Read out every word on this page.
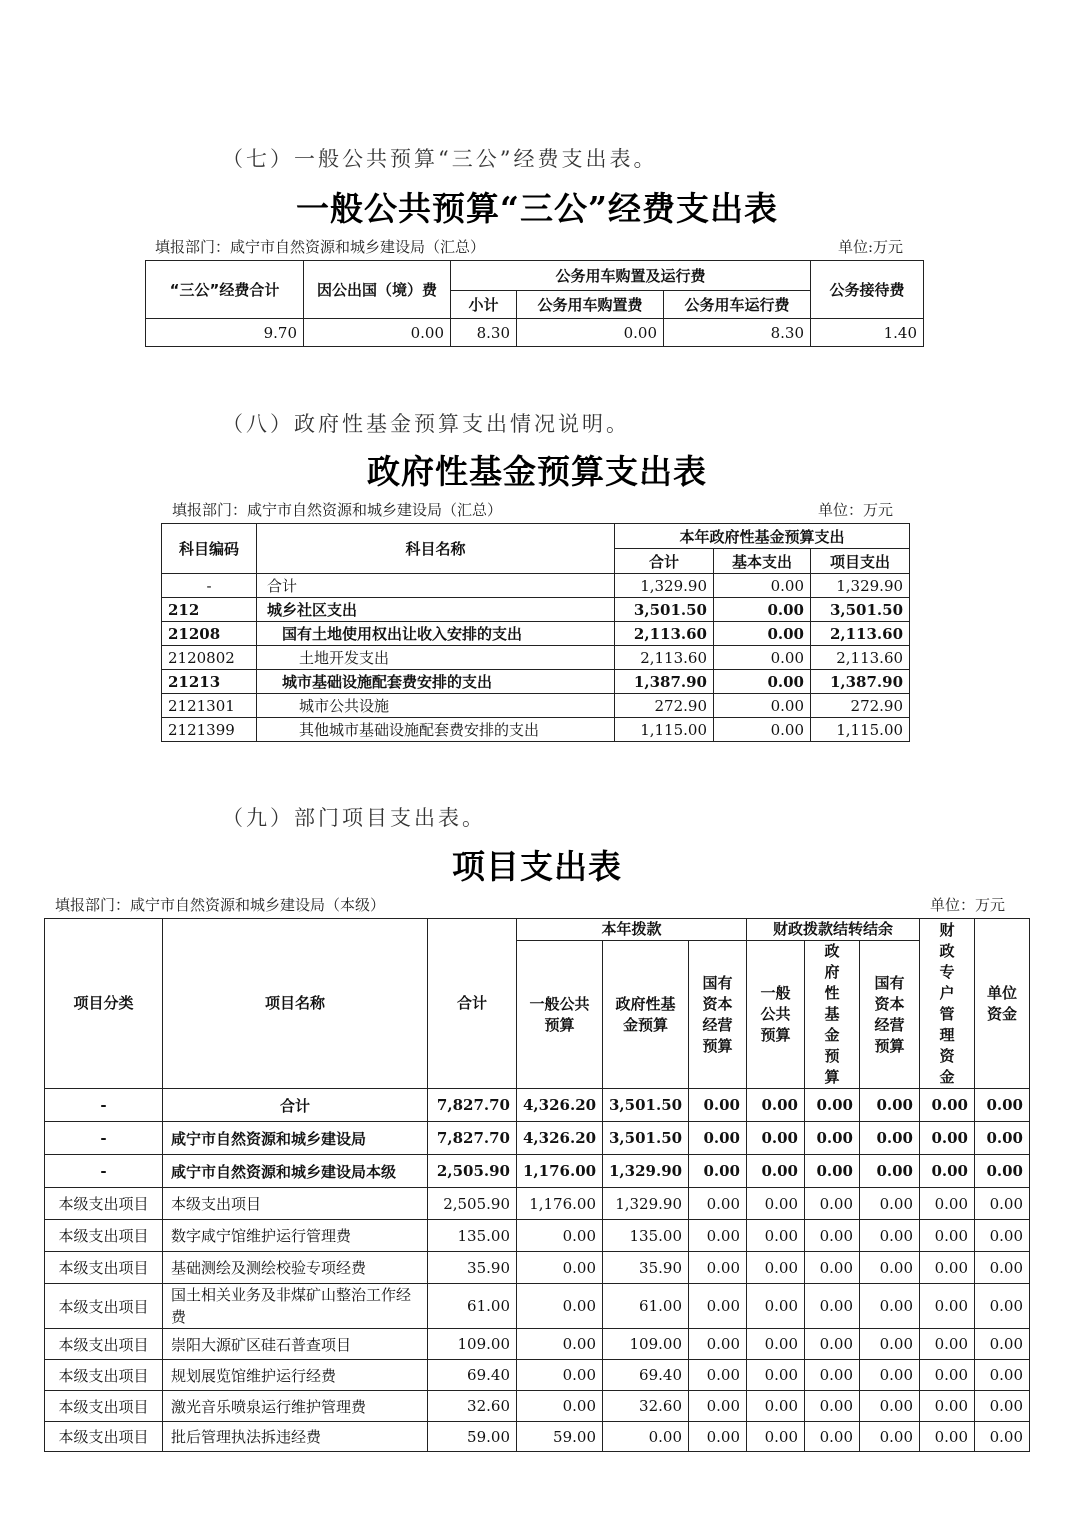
（七）一般公共预算“三公”经费支出表。
一般公共预算“三公”经费支出表
填报部门：咸宁市自然资源和城乡建设局（汇总）	单位:万元
“三公”经费合计	因公出国（境）费	公务用车购置及运行费			公务接待费
		小计	公务用车购置费	公务用车运行费	
9.70	0.00	8.30	0.00	8.30	1.40
（八）政府性基金预算支出情况说明。
政府性基金预算支出表
填报部门：咸宁市自然资源和城乡建设局（汇总）	单位：万元
科目编码	科目名称	本年政府性基金预算支出		
		合计	基本支出	项目支出
-	合计	1,329.90	0.00	1,329.90
212	城乡社区支出	3,501.50	0.00	3,501.50
21208	国有土地使用权出让收入安排的支出	2,113.60	0.00	2,113.60
2120802	土地开发支出	2,113.60	0.00	2,113.60
21213	城市基础设施配套费安排的支出	1,387.90	0.00	1,387.90
2121301	城市公共设施	272.90	0.00	272.90
2121399	其他城市基础设施配套费安排的支出	1,115.00	0.00	1,115.00
（九）部门项目支出表。
项目支出表
填报部门：咸宁市自然资源和城乡建设局（本级）	单位：万元
项目分类	项目名称	合计	本年拨款			财政拨款结转结余			财政专户管理资金	单位资金
			一般公共预算	政府性基金预算	国有资本经营预算	一般公共预算	政府性基金预算	国有资本经营预算		
-	合计	7,827.70	4,326.20	3,501.50	0.00	0.00	0.00	0.00	0.00	0.00
-	咸宁市自然资源和城乡建设局	7,827.70	4,326.20	3,501.50	0.00	0.00	0.00	0.00	0.00	0.00
-	咸宁市自然资源和城乡建设局本级	2,505.90	1,176.00	1,329.90	0.00	0.00	0.00	0.00	0.00	0.00
本级支出项目	本级支出项目	2,505.90	1,176.00	1,329.90	0.00	0.00	0.00	0.00	0.00	0.00
本级支出项目	数字咸宁馆维护运行管理费	135.00	0.00	135.00	0.00	0.00	0.00	0.00	0.00	0.00
本级支出项目	基础测绘及测绘校验专项经费	35.90	0.00	35.90	0.00	0.00	0.00	0.00	0.00	0.00
本级支出项目	国土相关业务及非煤矿山整治工作经费	61.00	0.00	61.00	0.00	0.00	0.00	0.00	0.00	0.00
本级支出项目	崇阳大源矿区硅石普查项目	109.00	0.00	109.00	0.00	0.00	0.00	0.00	0.00	0.00
本级支出项目	规划展览馆维护运行经费	69.40	0.00	69.40	0.00	0.00	0.00	0.00	0.00	0.00
本级支出项目	激光音乐喷泉运行维护管理费	32.60	0.00	32.60	0.00	0.00	0.00	0.00	0.00	0.00
本级支出项目	批后管理执法拆违经费	59.00	59.00	0.00	0.00	0.00	0.00	0.00	0.00	0.00
